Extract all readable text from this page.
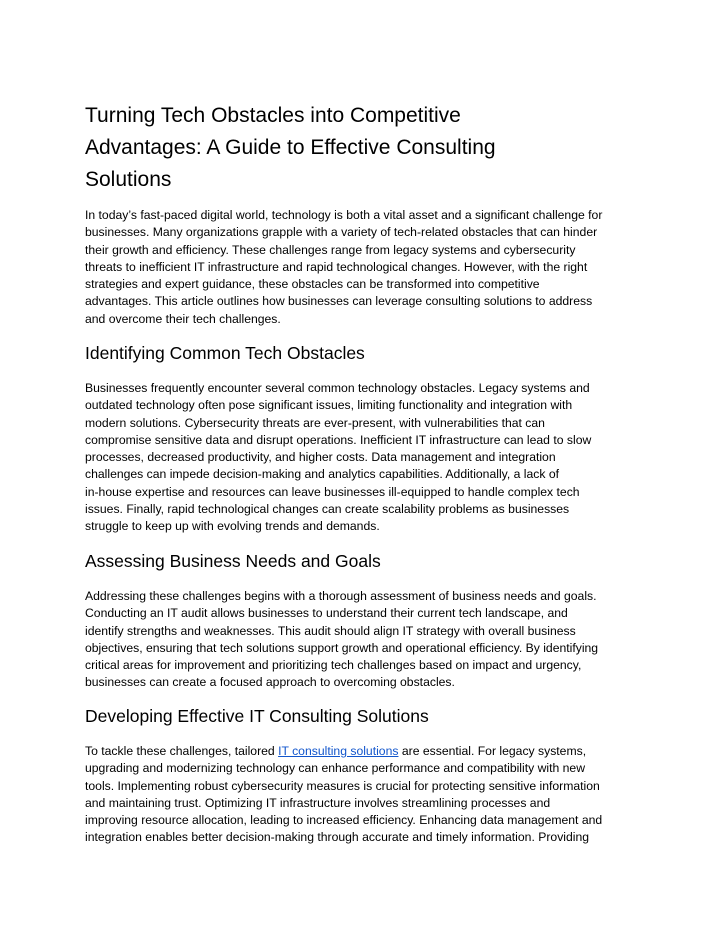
Turning Tech Obstacles into Competitive
Advantages: A Guide to Effective Consulting
Solutions

In today’s fast-paced digital world, technology is both a vital asset and a significant challenge for
businesses. Many organizations grapple with a variety of tech-related obstacles that can hinder
their growth and efficiency. These challenges range from legacy systems and cybersecurity
threats to inefficient IT infrastructure and rapid technological changes. However, with the right
strategies and expert guidance, these obstacles can be transformed into competitive
advantages. This article outlines how businesses can leverage consulting solutions to address
and overcome their tech challenges.

Identifying Common Tech Obstacles

Businesses frequently encounter several common technology obstacles. Legacy systems and
outdated technology often pose significant issues, limiting functionality and integration with
modern solutions. Cybersecurity threats are ever-present, with vulnerabilities that can
compromise sensitive data and disrupt operations. Inefficient IT infrastructure can lead to slow
processes, decreased productivity, and higher costs. Data management and integration
challenges can impede decision-making and analytics capabilities. Additionally, a lack of
in-house expertise and resources can leave businesses ill-equipped to handle complex tech
issues. Finally, rapid technological changes can create scalability problems as businesses
struggle to keep up with evolving trends and demands.

Assessing Business Needs and Goals

Addressing these challenges begins with a thorough assessment of business needs and goals.
Conducting an IT audit allows businesses to understand their current tech landscape, and
identify strengths and weaknesses. This audit should align IT strategy with overall business
objectives, ensuring that tech solutions support growth and operational efficiency. By identifying
critical areas for improvement and prioritizing tech challenges based on impact and urgency,
businesses can create a focused approach to overcoming obstacles.

Developing Effective IT Consulting Solutions

To tackle these challenges, tailored IT consulting solutions are essential. For legacy systems,
upgrading and modernizing technology can enhance performance and compatibility with new
tools. Implementing robust cybersecurity measures is crucial for protecting sensitive information
and maintaining trust. Optimizing IT infrastructure involves streamlining processes and
improving resource allocation, leading to increased efficiency. Enhancing data management and
integration enables better decision-making through accurate and timely information. Providing
